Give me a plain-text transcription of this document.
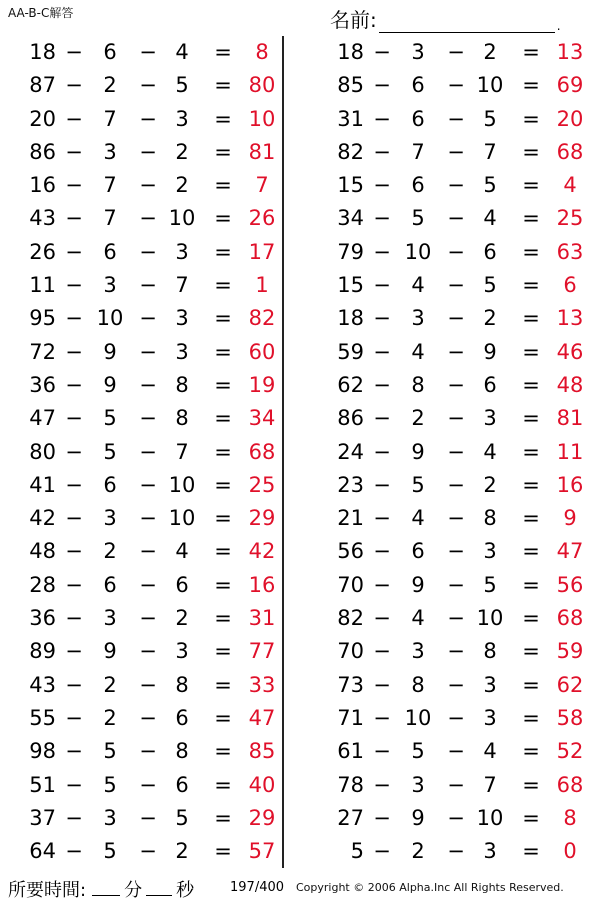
AA-B-C解答	名前:	.
18 − 6	− 4	=	8
87 − 2	− 5	= 80
20 − 7	− 3	= 10
86 − 3	− 2	= 81
16 − 7	− 2	=	7
43 − 7	− 10 = 26
26 − 6	− 3	= 17
11 − 3	− 7	=	1
95 − 10 − 3	= 82
72 − 9	− 3	= 60
36 − 9	− 8	= 19
47 − 5	− 8	= 34
80 − 5	− 7	= 68
41 − 6	− 10 = 25
42 − 3	− 10 = 29
48 − 2	− 4	= 42
28 − 6	− 6	= 16
36 − 3	− 2	= 31
89 − 9	− 3	= 77
43 − 2	− 8	= 33
55 − 2	− 6	= 47
98 − 5	− 8	= 85
51 − 5	− 6	= 40
37 − 3	− 5	= 29
64 − 5	− 2	= 57
18 − 3	− 2	= 13
85 − 6	− 10 = 69
31 − 6	− 5	= 20
82 − 7	− 7	= 68
15 − 6	− 5	=	4
34 − 5	− 4	= 25
79 − 10 − 6	= 63
15 − 4	− 5	=	6
18 − 3	− 2	= 13
59 − 4	− 9	= 46
62 − 8	− 6	= 48
86 − 2	− 3	= 81
24 − 9	− 4	= 11
23 − 5	− 2	= 16
21 − 4	− 8	=	9
56 − 6	− 3	= 47
70 − 9	− 5	= 56
82 − 4	− 10 = 68
70 − 3	− 8	= 59
73 − 8	− 3	= 62
71 − 10 − 3	= 58
61 − 5	− 4	= 52
78 − 3	− 7	= 68
27 − 9	− 10 =	8
5 − 2	− 3	=	0
所要時間: 分 秒	197/400 Copyright © 2006 Alpha.Inc All Rights Reserved.
